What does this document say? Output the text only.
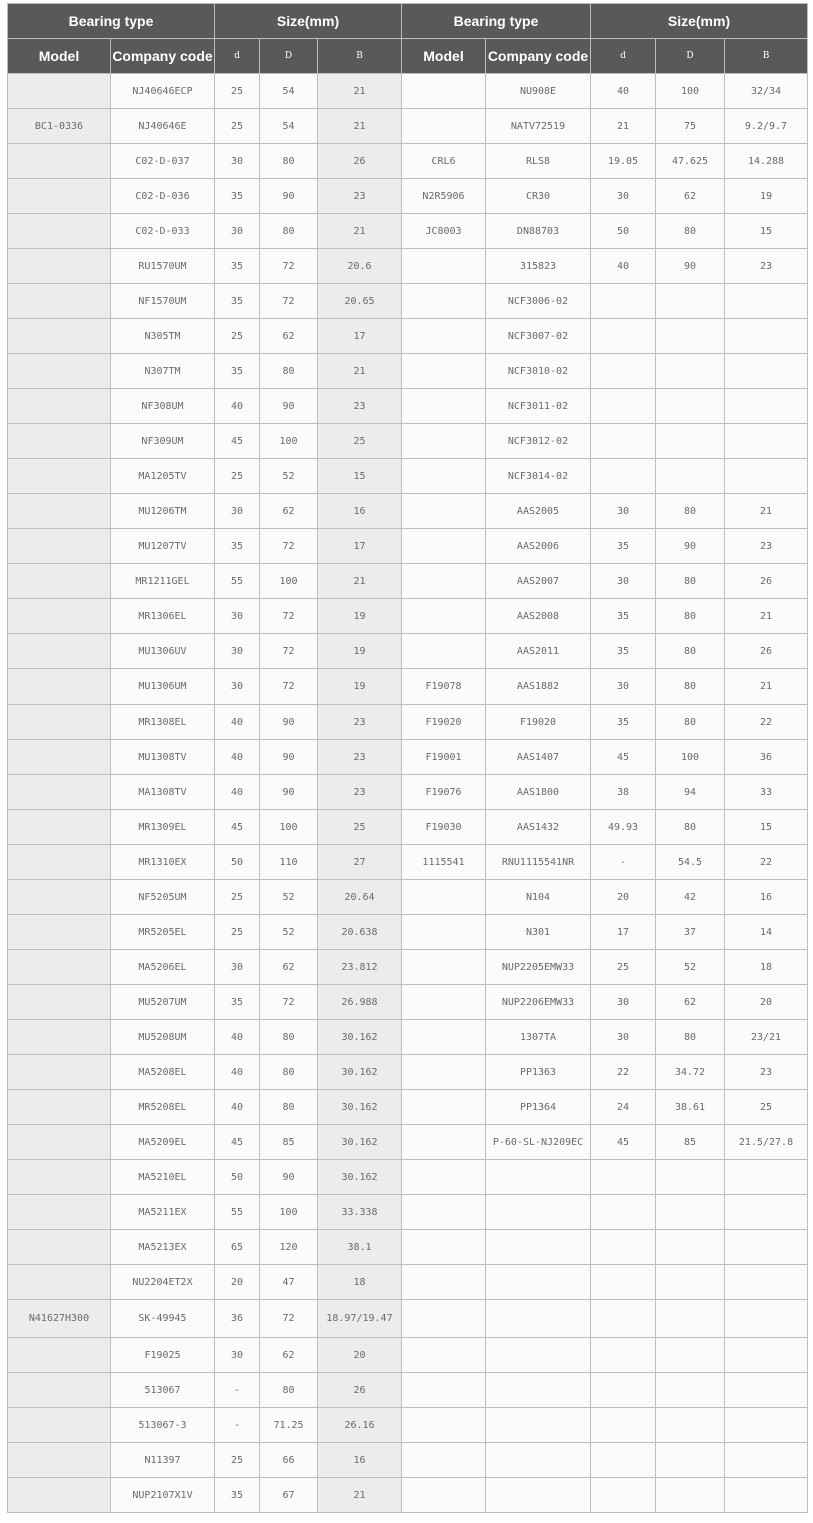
Bearing type		Size(mm)			Bearing type		Size(mm)		
Model	Company code	d	D	B	Model	Company code	d	D	B
	NJ40646ECP	25	54	21		NU908E	40	100	32/34
BC1-0336	NJ40646E	25	54	21		NATV72519	21	75	9.2/9.7
	C02-D-037	30	80	26	CRL6	RLS8	19.05	47.625	14.288
	C02-D-036	35	90	23	N2R5906	CR30	30	62	19
	C02-D-033	30	80	21	JC8003	DN88703	50	80	15
	RU1570UM	35	72	20.6		315823	40	90	23
	NF1570UM	35	72	20.65		NCF3006-02			
	N305TM	25	62	17		NCF3007-02			
	N307TM	35	80	21		NCF3010-02			
	NF308UM	40	90	23		NCF3011-02			
	NF309UM	45	100	25		NCF3012-02			
	MA1205TV	25	52	15		NCF3014-02			
	MU1206TM	30	62	16		AAS2005	30	80	21
	MU1207TV	35	72	17		AAS2006	35	90	23
	MR1211GEL	55	100	21		AAS2007	30	80	26
	MR1306EL	30	72	19		AAS2008	35	80	21
	MU1306UV	30	72	19		AAS2011	35	80	26
	MU1306UM	30	72	19	F19078	AAS1882	30	80	21
	MR1308EL	40	90	23	F19020	F19020	35	80	22
	MU1308TV	40	90	23	F19001	AAS1407	45	100	36
	MA1308TV	40	90	23	F19076	AAS1800	38	94	33
	MR1309EL	45	100	25	F19030	AAS1432	49.93	80	15
	MR1310EX	50	110	27	1115541	RNU1115541NR	-	54.5	22
	NF5205UM	25	52	20.64		N104	20	42	16
	MR5205EL	25	52	20.638		N301	17	37	14
	MA5206EL	30	62	23.812		NUP2205EMW33	25	52	18
	MU5207UM	35	72	26.988		NUP2206EMW33	30	62	20
	MU5208UM	40	80	30.162		1307TA	30	80	23/21
	MA5208EL	40	80	30.162		PP1363	22	34.72	23
	MR5208EL	40	80	30.162		PP1364	24	38.61	25
	MA5209EL	45	85	30.162		P-60-SL-NJ209EC	45	85	21.5/27.8
	MA5210EL	50	90	30.162					
	MA5211EX	55	100	33.338					
	MA5213EX	65	120	38.1					
	NU2204ET2X	20	47	18					
N41627H300	SK-49945	36	72	18.97/19.47					
	F19025	30	62	20					
	513067	-	80	26					
	513067-3	-	71.25	26.16					
	N11397	25	66	16					
	NUP2107X1V	35	67	21					
